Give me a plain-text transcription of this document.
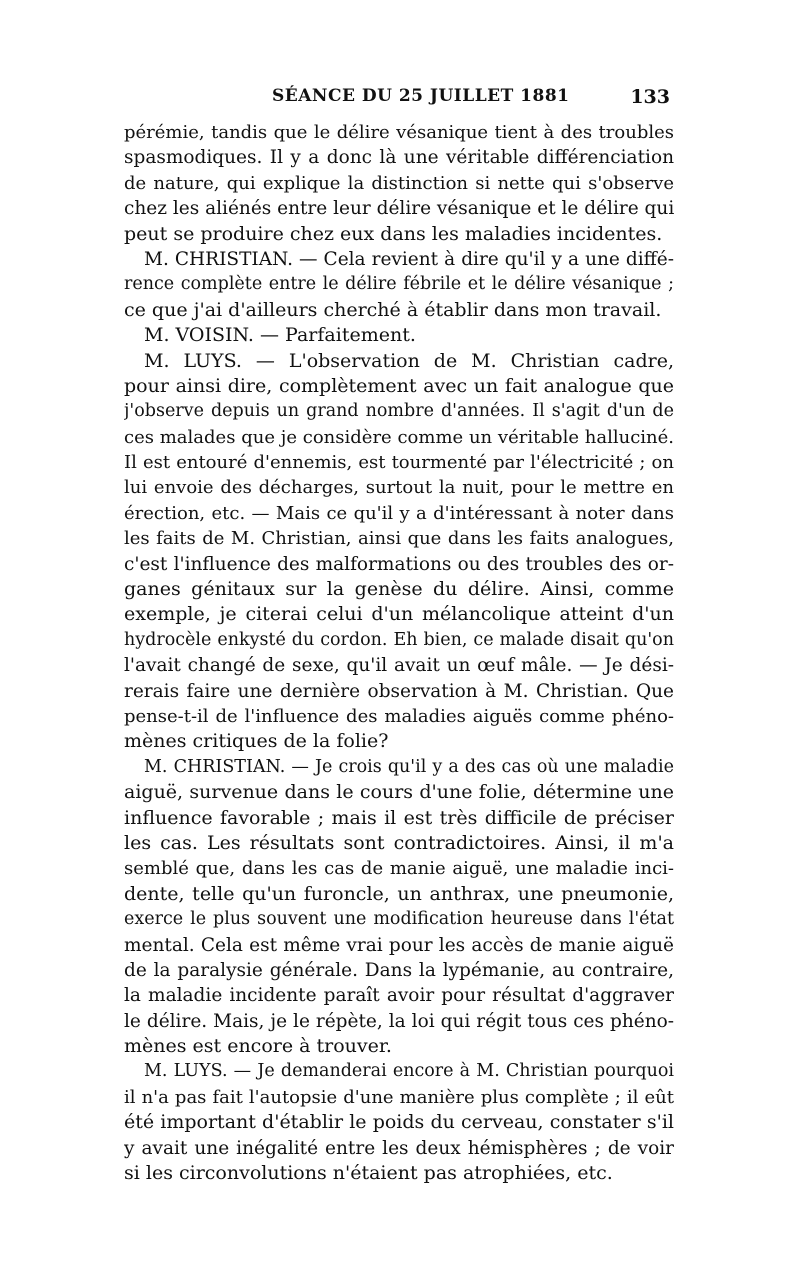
SÉANCE DU 25 JUILLET 1881	133
pérémie, tandis que le délire vésanique tient à des troubles
spasmodiques. Il y a donc là une véritable différenciation
de nature, qui explique la distinction si nette qui s'observe
chez les aliénés entre leur délire vésanique et le délire qui
peut se produire chez eux dans les maladies incidentes.
M. CHRISTIAN. — Cela revient à dire qu'il y a une diffé-
rence complète entre le délire fébrile et le délire vésanique ;
ce que j'ai d'ailleurs cherché à établir dans mon travail.
M. VOISIN. — Parfaitement.
M. LUYS. — L'observation de M. Christian cadre,
pour ainsi dire, complètement avec un fait analogue que
j'observe depuis un grand nombre d'années. Il s'agit d'un de
ces malades que je considère comme un véritable halluciné.
Il est entouré d'ennemis, est tourmenté par l'électricité ; on
lui envoie des décharges, surtout la nuit, pour le mettre en
érection, etc. — Mais ce qu'il y a d'intéressant à noter dans
les faits de M. Christian, ainsi que dans les faits analogues,
c'est l'influence des malformations ou des troubles des or-
ganes génitaux sur la genèse du délire. Ainsi, comme
exemple, je citerai celui d'un mélancolique atteint d'un
hydrocèle enkysté du cordon. Eh bien, ce malade disait qu'on
l'avait changé de sexe, qu'il avait un œuf mâle. — Je dési-
rerais faire une dernière observation à M. Christian. Que
pense-t-il de l'influence des maladies aiguës comme phéno-
mènes critiques de la folie?
M. CHRISTIAN. — Je crois qu'il y a des cas où une maladie
aiguë, survenue dans le cours d'une folie, détermine une
influence favorable ; mais il est très difficile de préciser
les cas. Les résultats sont contradictoires. Ainsi, il m'a
semblé que, dans les cas de manie aiguë, une maladie inci-
dente, telle qu'un furoncle, un anthrax, une pneumonie,
exerce le plus souvent une modification heureuse dans l'état
mental. Cela est même vrai pour les accès de manie aiguë
de la paralysie générale. Dans la lypémanie, au contraire,
la maladie incidente paraît avoir pour résultat d'aggraver
le délire. Mais, je le répète, la loi qui régit tous ces phéno-
mènes est encore à trouver.
M. LUYS. — Je demanderai encore à M. Christian pourquoi
il n'a pas fait l'autopsie d'une manière plus complète ; il eût
été important d'établir le poids du cerveau, constater s'il
y avait une inégalité entre les deux hémisphères ; de voir
si les circonvolutions n'étaient pas atrophiées, etc.
